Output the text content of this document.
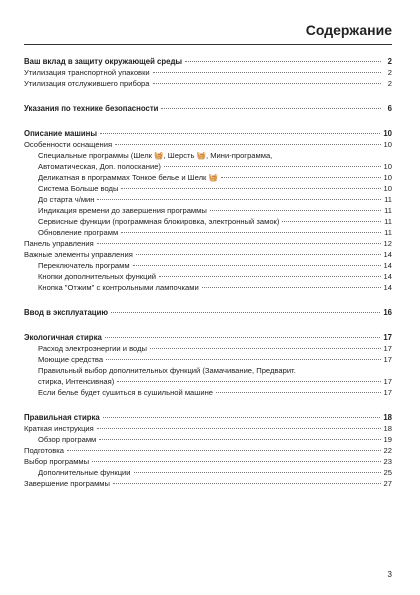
Содержание
Ваш вклад в защиту окружающей среды	2
Утилизация транспортной упаковки	2
Утилизация отслужившего прибора	2
Указания по технике безопасности	6
Описание машины	10
Особенности оснащения	10
Специальные программы (Шелк 🧺, Шерсть 🧺, Мини-программа,
Автоматическая, Доп. полоскание)	10
Деликатная в программах Тонкое белье и Шелк 🧺	10
Система Больше воды	10
До старта ч/мин	11
Индикация времени до завершения программы	11
Сервисные функции (программная блокировка, электронный замок)	11
Обновление программ	11
Панель управления	12
Важные элементы управления	14
Переключатель программ	14
Кнопки дополнительных функций	14
Кнопка "Отжим" с контрольными лампочками	14
Ввод в эксплуатацию	16
Экологичная стирка	17
Расход электроэнергии и воды	17
Моющие средства	17
Правильный выбор дополнительных функций (Замачивание, Предварит.
стирка, Интенсивная)	17
Если белье будет сушиться в сушильной машине	17
Правильная стирка	18
Краткая инструкция	18
Обзор программ	19
Подготовка	22
Выбор программы	23
Дополнительные функции	25
Завершение программы	27
3
